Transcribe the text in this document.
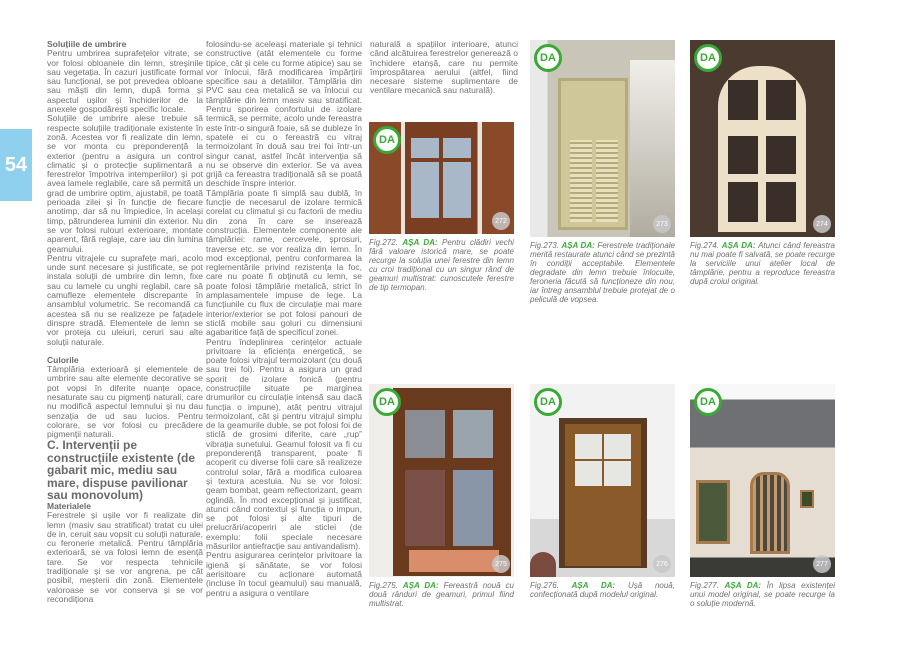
54

Soluțiile de umbrire

Pentru umbrirea suprafețelor vitrate, se vor folosi obloanele din lemn, streșinile sau vegetația. În cazuri justificate formal sau funcțional, se pot prevedea obloane sau măști din lemn, după forma și aspectul ușilor și închiderilor de la anexele gospodărești specific locale.

Soluțiile de umbrire alese trebuie să respecte soluțiile tradiționale existente în zonă. Acestea vor fi realizate din lemn, se vor monta cu preponderență la exterior (pentru a asigura un control climatic și o protecție suplimentară a ferestrelor împotriva intemperiilor) și pot avea lamele reglabile, care să permită un grad de umbrire optim, ajustabil, pe toată perioada zilei și în funcție de fiecare anotimp, dar să nu împiedice, în același timp, pătrunderea luminii din exterior. Nu se vor folosi rulouri exterioare, montate aparent, fără reglaje, care iau din lumina geamului.

Pentru vitrajele cu suprafețe mari, acolo unde sunt necesare și justificate, se pot instala soluții de umbrire din lemn, fixe sau cu lamele cu unghi reglabil, care să camufleze elementele discrepante în ansamblul volumetric. Se recomandă ca acestea să nu se realizeze pe fațadele dinspre stradă. Elementele de lemn se vor proteja cu uleiuri, ceruri sau alte soluții naturale.

Culorile

Tâmplăria exterioară și elementele de umbrire sau alte elemente decorative se pot vopsi în diferite nuanțe opace, nesaturate sau cu pigmenți naturali, care nu modifică aspectul lemnului și nu dau senzația de ud sau lucios. Pentru colorare, se vor folosi cu precădere pigmenții naturali.

C. Intervenții pe construcțiile existente (de gabarit mic, mediu sau mare, dispuse pavilionar sau monovolum)

Materialele

Ferestrele și ușile vor fi realizate din lemn (masiv sau stratificat) tratat cu ulei de in, ceruit sau vopsit cu soluții naturale, cu feronerie metalică. Pentru tâmplăria exterioară, se va folosi lemn de esență tare. Se vor respecta tehnicile tradiționale și se vor angrena, pe cât posibil, meșterii din zonă. Elementele valoroase se vor conserva și se vor recondiționa

folosindu-se aceleași materiale și tehnici constructive (atât elementele cu forme tipice, cât și cele cu forme atipice) sau se vor înlocui, fără modificarea împărțirii specifice sau a detaliilor. Tâmplăria din PVC sau cea metalică se va înlocui cu tâmplărie din lemn masiv sau stratificat. Pentru sporirea confortului de izolare termică, se permite, acolo unde fereastra este într-o singură foaie, să se dubleze în spatele ei cu o fereastră cu vitraj termoizolant în două sau trei foi într-un singur canat, astfel încât intervenția să nu se observe din exterior. Se va avea grijă ca fereastra tradițională să se poată deschide înspre interior.

Tâmplăria poate fi simplă sau dublă, în funcție de necesarul de izolare termică corelat cu climatul și cu factorii de mediu din zona în care se inserează construcția. Elementele componente ale tâmplăriei: rame, cercevele, șprosuri, traverse etc. se vor realiza din lemn. În mod excepțional, pentru conformarea la reglementările privind rezistența la foc, care nu poate fi obținută cu lemn, se poate folosi tâmplărie metalică, strict în amplasamentele impuse de lege. La funcțiunile cu flux de circulație mai mare interior/exterior se pot folosi panouri de sticlă mobile sau goluri cu dimensiuni agabaritice față de specificul zonei.

Pentru îndeplinirea cerințelor actuale privitoare la eficiența energetică, se poate folosi vitrajul termoizolant (cu două sau trei foi). Pentru a asigura un grad sporit de izolare fonică (pentru construcțiile situate pe marginea drumurilor cu circulație intensă sau dacă funcția o impune), atât pentru vitrajul termoizolant, cât și pentru vitrajul simplu de la geamurile duble, se pot folosi foi de sticlă de grosimi diferite, care „rup” vibrația sunetului. Geamul folosit va fi cu preponderență transparent, poate fi acoperit cu diverse folii care să realizeze controlul solar, fără a modifica culoarea și textura acestuia. Nu se vor folosi: geam bombat, geam reflectorizant, geam oglindă. În mod excepțional și justificat, atunci când contextul și funcția o impun, se pot folosi și alte tipuri de prelucrări/acoperiri ale sticlei (de exemplu: folii speciale necesare măsurilor antiefracție sau antivandalism).

Pentru asigurarea cerințelor privitoare la igienă și sănătate, se vor folosi aerisitoare cu acționare automată (incluse în tocul geamului) sau manuală, pentru a asigura o ventilare

naturală a spațiilor interioare, atunci când alcătuirea ferestrelor generează o închidere etanșă, care nu permite împrospătarea aerului (altfel, fiind necesare sisteme suplimentare de ventilare mecanică sau naturală).

DA
272

Fig.272. AȘA DA: Pentru clădiri vechi fără valoare istorică mare, se poate recurge la soluția unei ferestre din lemn cu croi tradițional cu un singur rând de geamuri multistrat: cunoscutele ferestre de tip termopan.

DA
273

Fig.273. AȘA DA: Ferestrele tradiționale merită restaurate atunci când se prezintă în condiții acceptabile. Elementele degradate din lemn trebuie înlocuite, feroneria făcută să funcționeze din nou, iar întreg ansamblul trebuie protejat de o peliculă de vopsea.

DA
274

Fig.274. AȘA DA: Atunci când fereastra nu mai poate fi salvată, se poate recurge la serviciile unui atelier local de tâmplărie, pentru a reproduce fereastra după croiul original.

DA
275

Fig.275. AȘA DA: Fereastră nouă cu două rânduri de geamuri, primul fiind multistrat.

DA
276

Fig.276. AȘA DA: Ușă nouă, confecționată după modelul original.

DA
277

Fig.277. AȘA DA: În lipsa existenței unui model original, se poate recurge la o soluție modernă.
